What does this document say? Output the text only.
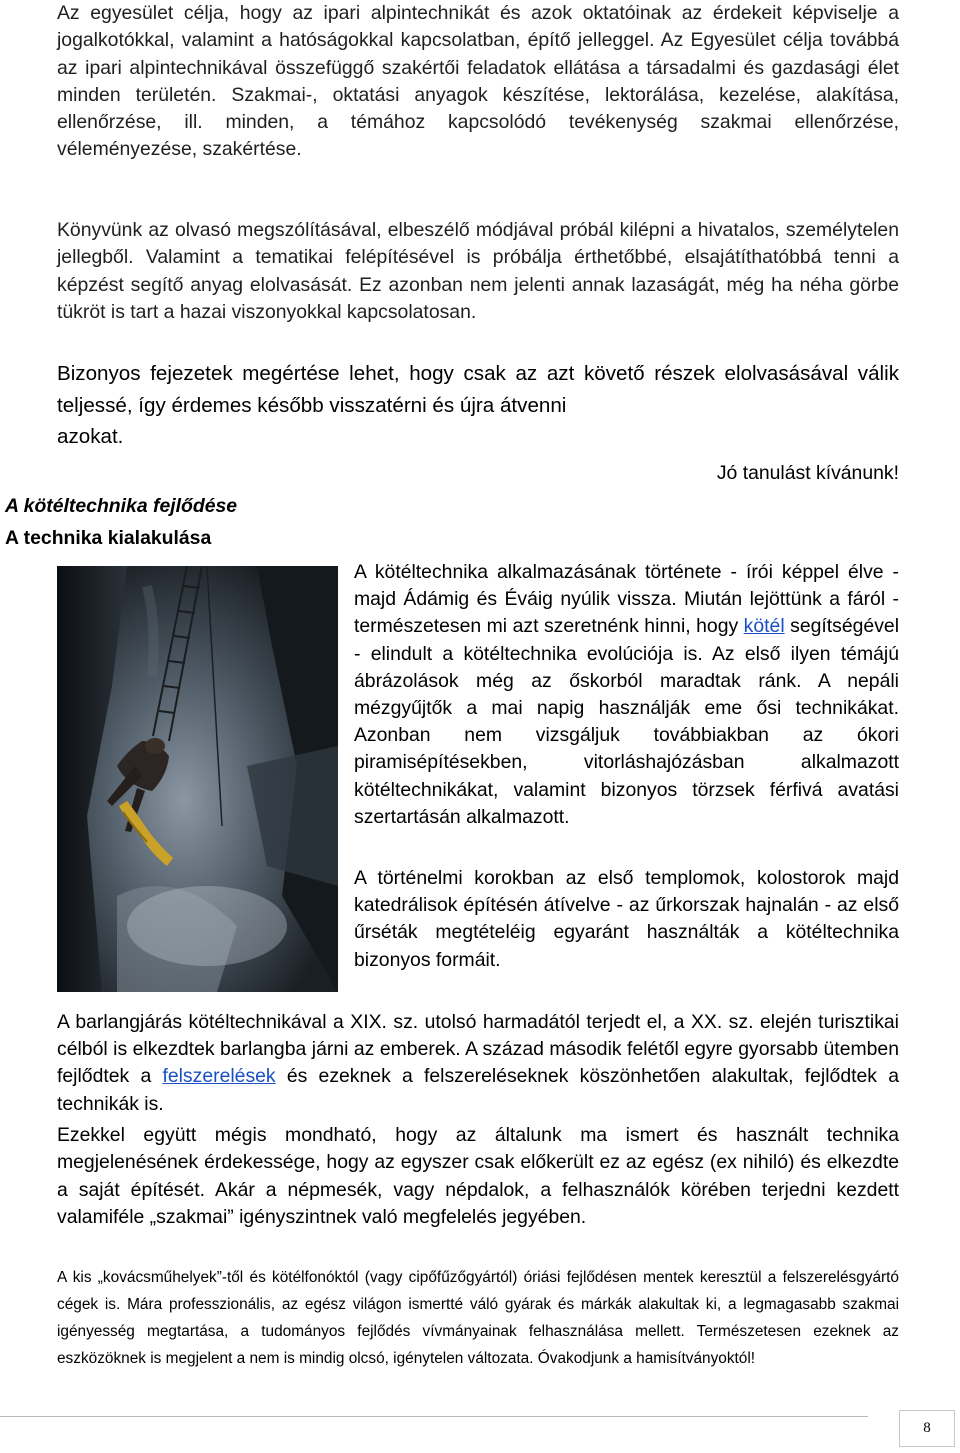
Az egyesület célja, hogy az ipari alpintechnikát és azok oktatóinak az érdekeit képviselje a jogalkotókkal, valamint a hatóságokkal kapcsolatban, építő jelleggel. Az Egyesület célja továbbá az ipari alpintechnikával összefüggő szakértői feladatok ellátása a társadalmi és gazdasági élet minden területén. Szakmai-, oktatási anyagok készítése, lektorálása, kezelése, alakítása, ellenőrzése, ill. minden, a témához kapcsolódó tevékenység szakmai ellenőrzése, véleményezése, szakértése.

Könyvünk az olvasó megszólításával, elbeszélő módjával próbál kilépni a hivatalos, személytelen jellegből. Valamint a tematikai felépítésével is próbálja érthetőbbé, elsajátíthatóbbá tenni a képzést segítő anyag elolvasását. Ez azonban nem jelenti annak lazaságát, még ha néha görbe tükröt is tart a hazai viszonyokkal kapcsolatosan.

Bizonyos fejezetek megértése lehet, hogy csak az azt követő részek elolvasásával válik teljessé, így érdemes később visszatérni és újra átvenni
azokat.

Jó tanulást kívánunk!
A kötéltechnika fejlődése
A technika kialakulása

A kötéltechnika alkalmazásának története - írói képpel élve - majd Ádámig és Éváig nyúlik vissza. Miután lejöttünk a fáról - természetesen mi azt szeretnénk hinni, hogy kötél segítségével - elindult a kötéltechnika evolúciója is. Az első ilyen témájú ábrázolások még az őskorból maradtak ránk. A nepáli mézgyűjtők a mai napig használják eme ősi technikákat. Azonban nem vizsgáljuk továbbiakban az ókori piramisépítésekben, vitorláshajózásban alkalmazott kötéltechnikákat, valamint bizonyos törzsek férfivá avatási szertartásán alkalmazott.

A történelmi korokban az első templomok, kolostorok majd katedrálisok építésén átívelve - az űrkorszak hajnalán - az első űrséták megtételéig egyaránt használták a kötéltechnika bizonyos formáit.

A barlangjárás kötéltechnikával a XIX. sz. utolsó harmadától terjedt el, a XX. sz. elején turisztikai célból is elkezdtek barlangba járni az emberek. A század második felétől egyre gyorsabb ütemben fejlődtek a felszerelések és ezeknek a felszereléseknek köszönhetően alakultak, fejlődtek a technikák is.

Ezekkel együtt mégis mondható, hogy az általunk ma ismert és használt technika megjelenésének érdekessége, hogy az egyszer csak előkerült ez az egész (ex nihiló) és elkezdte a saját építését. Akár a népmesék, vagy népdalok, a felhasználók körében terjedni kezdett valamiféle „szakmai” igényszintnek való megfelelés jegyében.

A kis „kovácsműhelyek”-től és kötélfonóktól (vagy cipőfűzőgyártól) óriási fejlődésen mentek keresztül a felszerelésgyártó cégek is. Mára professzionális, az egész világon ismertté váló gyárak és márkák alakultak ki, a legmagasabb szakmai igényesség megtartása, a tudományos fejlődés vívmányainak felhasználása mellett. Természetesen ezeknek az eszközöknek is megjelent a nem is mindig olcsó, igénytelen változata. Óvakodjunk a hamisítványoktól!

8
